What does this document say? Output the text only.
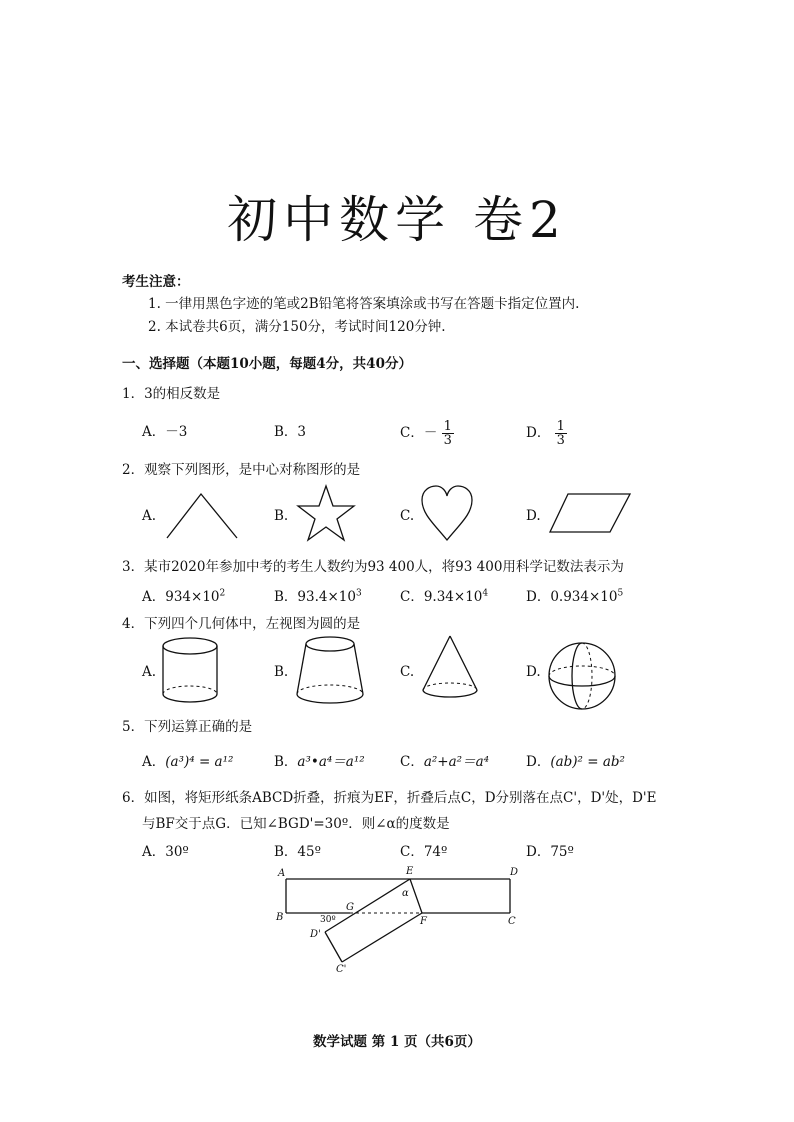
初中数学 卷2
考生注意：
1. 一律用黑色字迹的笔或2B铅笔将答案填涂或书写在答题卡指定位置内.
2. 本试卷共6页，满分150分，考试时间120分钟.
一、选择题（本题10小题，每题4分，共40分）
1．3的相反数是
A．－3	B．3	C．－ $\frac{1}{3}$	D． $\frac{1}{3}$
2．观察下列图形，是中心对称图形的是
A.	B.	C.	D.
3．某市2020年参加中考的考生人数约为93 400人，将93 400用科学记数法表示为
A．$934\times 10^2$	B．$93.4\times 10^3$	C．$9.34\times 10^4$	D．$0.934\times 10^5$
4．下列四个几何体中，左视图为圆的是
A.	B.	C.	D.
5．下列运算正确的是
A．(a³)⁴ = a¹²	B．a³•a⁴＝a¹²	C．a²+a²＝a⁴	D．(ab)² = ab²
6．如图，将矩形纸条ABCD折叠，折痕为EF，折叠后点C，D分别落在点C'，D'处，D'E
与BF交于点G．已知∠BGD'=30º．则∠α的度数是
A．30º	B．45º	C．74º	D．75º
A	E	D
B
G
F	C
D'
C'
α
30º
数学试题 第 1 页（共6页）
